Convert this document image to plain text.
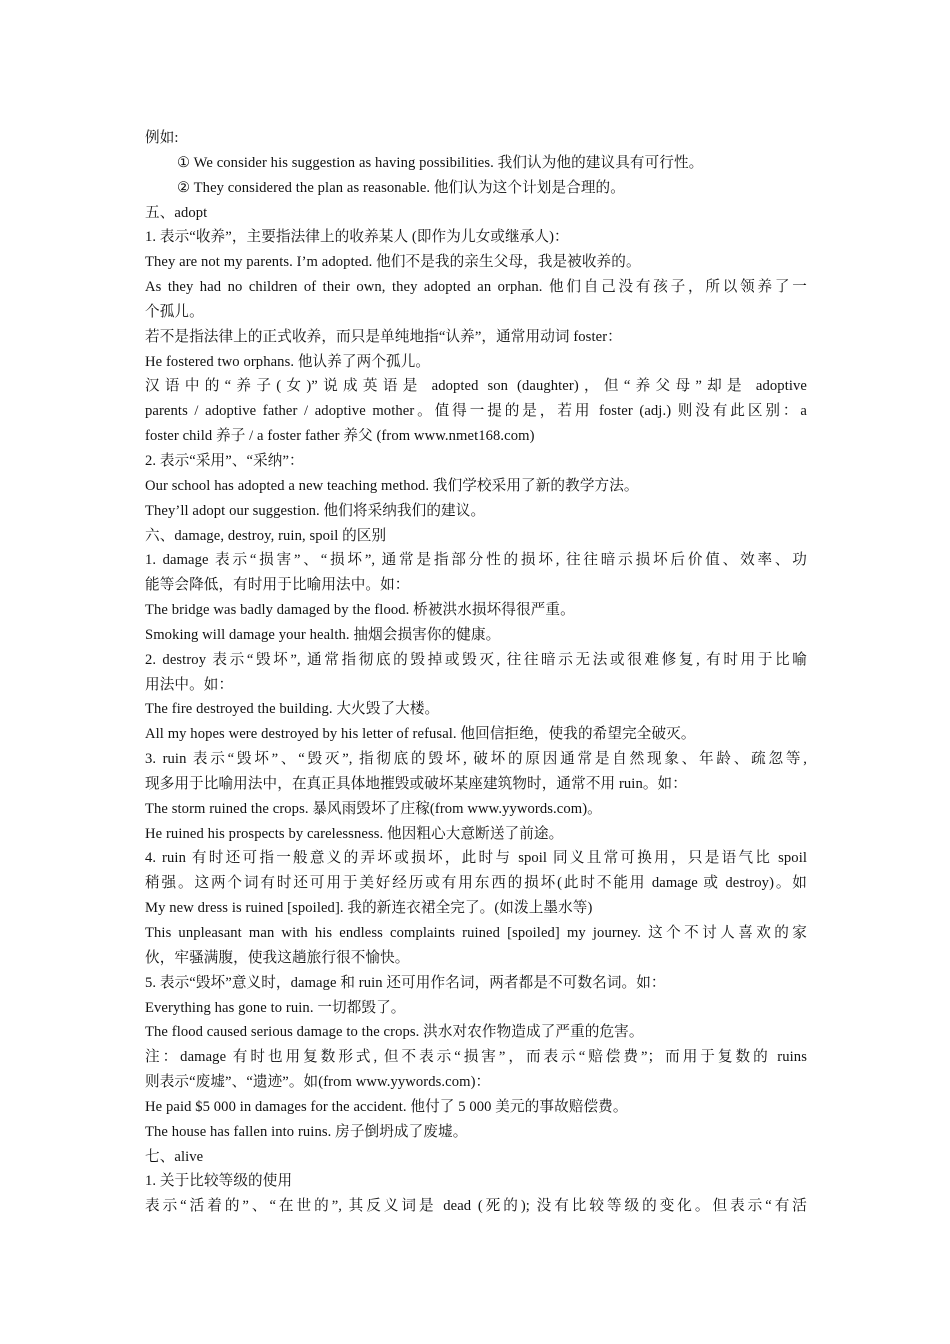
例如:
① We consider his suggestion as having possibilities. 我们认为他的建议具有可行性。
② They considered the plan as reasonable. 他们认为这个计划是合理的。
五、adopt
1. 表示“收养”，主要指法律上的收养某人 (即作为儿女或继承人)：
They are not my parents. I’m adopted. 他们不是我的亲生父母，我是被收养的。
As they had no children of their own, they adopted an orphan. 他们自己没有孩子，所以领养了一
个孤儿。
若不是指法律上的正式收养，而只是单纯地指“认养”，通常用动词 foster：
He fostered two orphans. 他认养了两个孤儿。
汉语中的“养子(女)”说成英语是 adopted son (daughter)，但“养父母”却是 adoptive
parents / adoptive father / adoptive mother。值得一提的是，若用 foster (adj.) 则没有此区别：a
foster child 养子 / a foster father 养父 (from www.nmet168.com)
2. 表示“采用”、“采纳”：
Our school has adopted a new teaching method. 我们学校采用了新的教学方法。
They’ll adopt our suggestion. 他们将采纳我们的建议。
六、damage, destroy, ruin, spoil 的区别
1. damage 表示“损害”、“损坏”, 通常是指部分性的损坏, 往往暗示损坏后价值、效率、功
能等会降低，有时用于比喻用法中。如：
The bridge was badly damaged by the flood. 桥被洪水损坏得很严重。
Smoking will damage your health. 抽烟会损害你的健康。
2. destroy 表示“毁坏”, 通常指彻底的毁掉或毁灭, 往往暗示无法或很难修复, 有时用于比喻
用法中。如：
The fire destroyed the building. 大火毁了大楼。
All my hopes were destroyed by his letter of refusal. 他回信拒绝，使我的希望完全破灭。
3. ruin 表示“毁坏”、“毁灭”, 指彻底的毁坏, 破坏的原因通常是自然现象、年龄、疏忽等,
现多用于比喻用法中，在真正具体地摧毁或破坏某座建筑物时，通常不用 ruin。如：
The storm ruined the crops. 暴风雨毁坏了庄稼(from www.yywords.com)。
He ruined his prospects by carelessness. 他因粗心大意断送了前途。
4. ruin 有时还可指一般意义的弄坏或损坏，此时与 spoil 同义且常可换用，只是语气比 spoil
稍强。这两个词有时还可用于美好经历或有用东西的损坏(此时不能用 damage 或 destroy)。如
My new dress is ruined [spoiled]. 我的新连衣裙全完了。(如泼上墨水等)
This unpleasant man with his endless complaints ruined [spoiled] my journey. 这个不讨人喜欢的家
伙，牢骚满腹，使我这趟旅行很不愉快。
5. 表示“毁坏”意义时，damage 和 ruin 还可用作名词，两者都是不可数名词。如：
Everything has gone to ruin. 一切都毁了。
The flood caused serious damage to the crops. 洪水对农作物造成了严重的危害。
注：damage 有时也用复数形式, 但不表示“损害”，而表示“赔偿费”；而用于复数的 ruins
则表示“废墟”、“遗迹”。如(from www.yywords.com)：
He paid $5 000 in damages for the accident. 他付了 5 000 美元的事故赔偿费。
The house has fallen into ruins. 房子倒坍成了废墟。
七、alive
1. 关于比较等级的使用
表示“活着的”、“在世的”, 其反义词是 dead (死的); 没有比较等级的变化。但表示“有活
